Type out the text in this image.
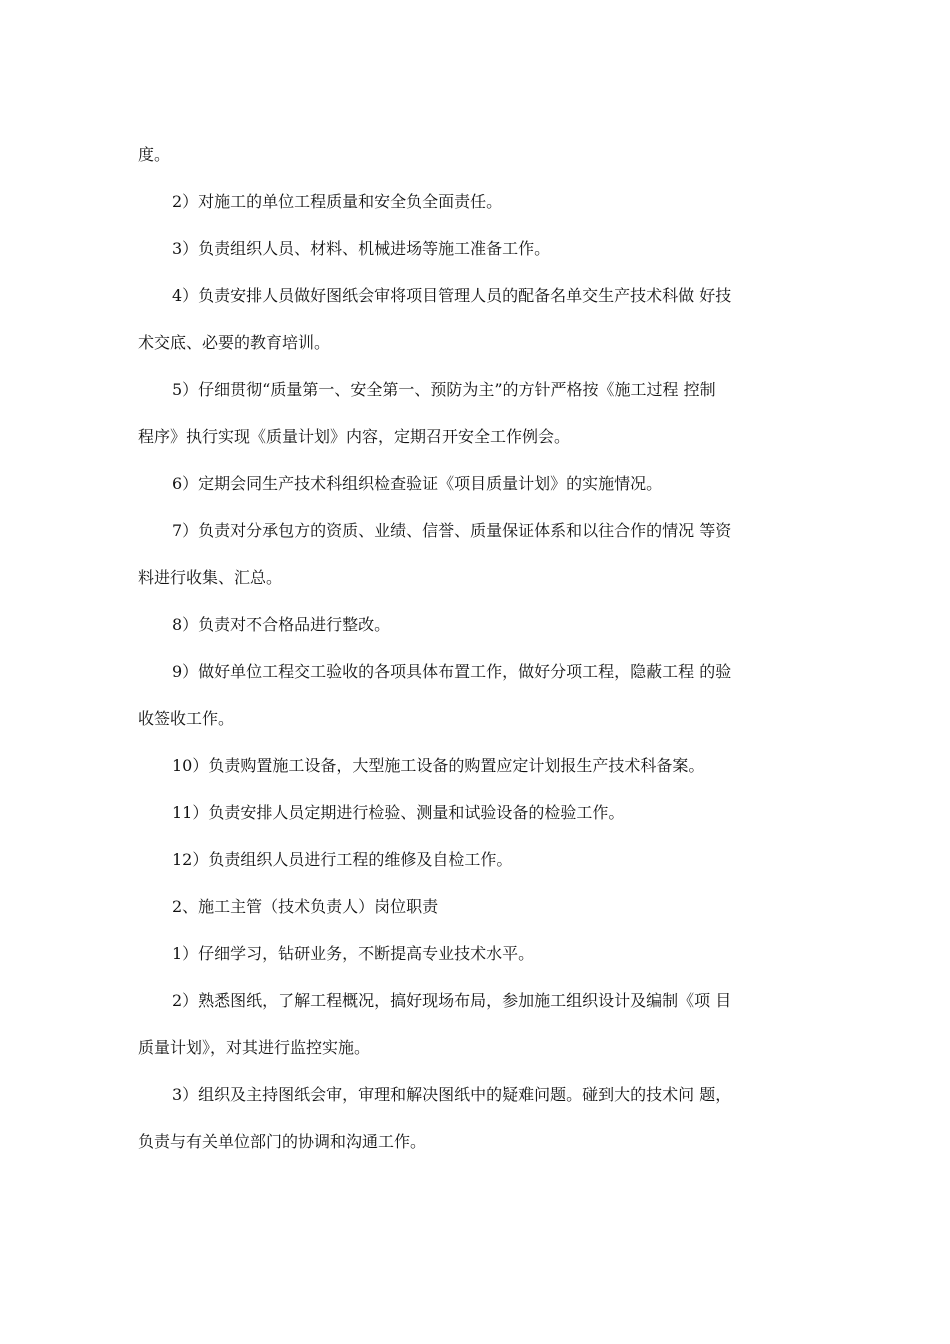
度。
2）对施工的单位工程质量和安全负全面责任。
3）负责组织人员、材料、机械进场等施工准备工作。
4）负责安排人员做好图纸会审将项目管理人员的配备名单交生产技术科做 好技
术交底、必要的教育培训。
5）仔细贯彻“质量第一、安全第一、预防为主”的方针严格按《施工过程 控制
程序》执行实现《质量计划》内容，定期召开安全工作例会。
6）定期会同生产技术科组织检查验证《项目质量计划》的实施情况。
7）负责对分承包方的资质、业绩、信誉、质量保证体系和以往合作的情况 等资
料进行收集、汇总。
8）负责对不合格品进行整改。
9）做好单位工程交工验收的各项具体布置工作，做好分项工程，隐蔽工程 的验
收签收工作。
10）负责购置施工设备，大型施工设备的购置应定计划报生产技术科备案。
11）负责安排人员定期进行检验、测量和试验设备的检验工作。
12）负责组织人员进行工程的维修及自检工作。
2、施工主管（技术负责人）岗位职责
1）仔细学习，钻研业务，不断提高专业技术水平。
2）熟悉图纸，了解工程概况，搞好现场布局，参加施工组织设计及编制《项 目
质量计划》，对其进行监控实施。
3）组织及主持图纸会审，审理和解决图纸中的疑难问题。碰到大的技术问 题，
负责与有关单位部门的协调和沟通工作。
